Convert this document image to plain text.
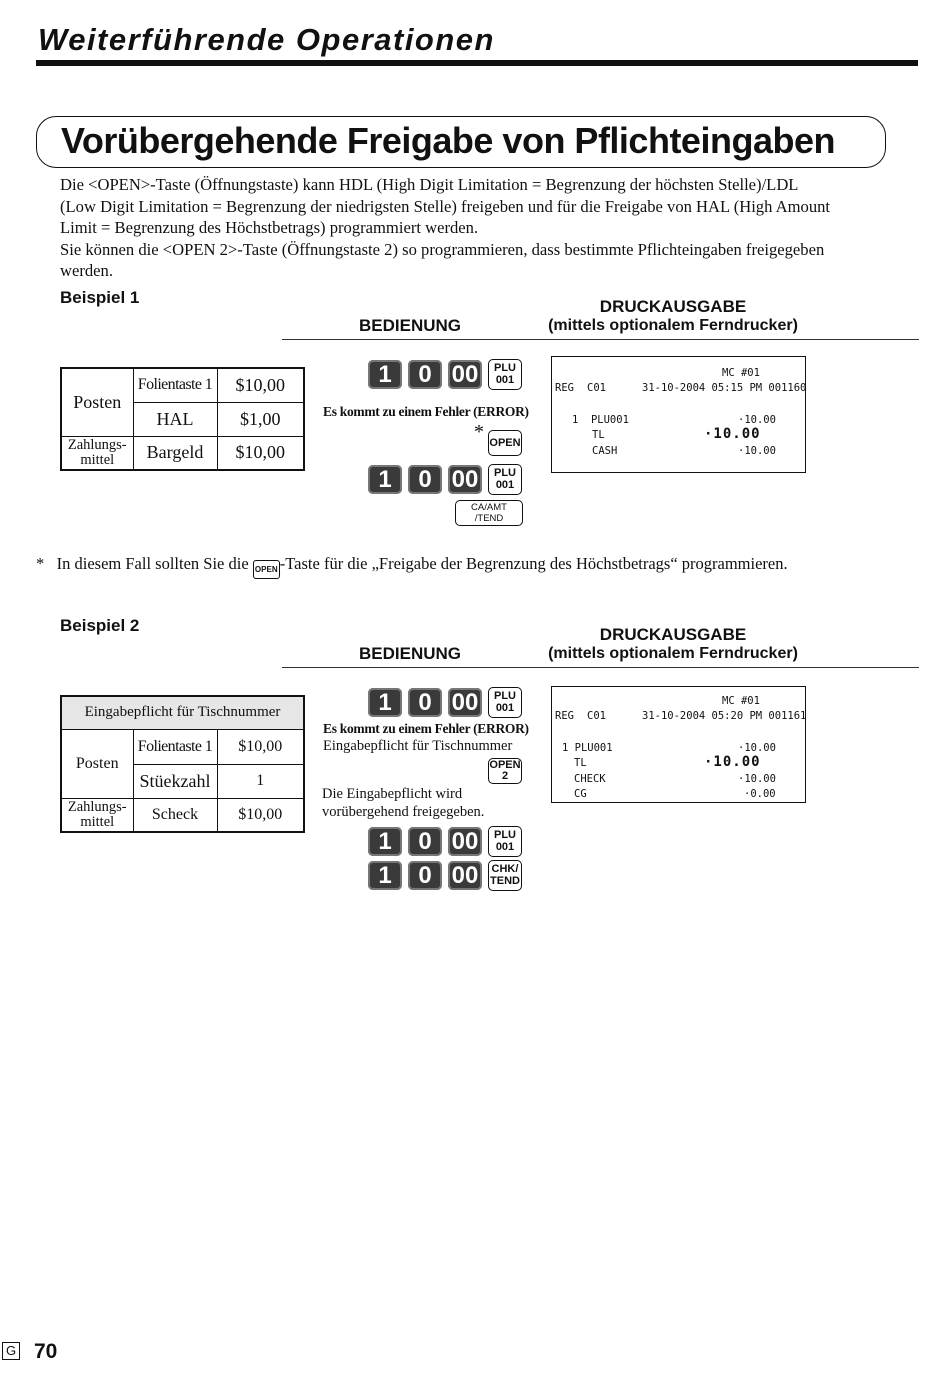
Weiterführende Operationen
Vorübergehende Freigabe von Pflichteingaben
Die <OPEN>-Taste (Öffnungstaste) kann HDL (High Digit Limitation = Begrenzung der höchsten Stelle)/LDL
(Low Digit Limitation = Begrenzung der niedrigsten Stelle) freigeben und für die Freigabe von HAL (High Amount
Limit = Begrenzung des Höchstbetrags) programmiert werden.
Sie können die <OPEN 2>-Taste (Öffnungstaste 2) so programmieren, dass bestimmte Pflichteingaben freigegeben
werden.
Beispiel 1
BEDIENUNG
DRUCKAUSGABE
(mittels optionalem Ferndrucker)
Posten	Folientaste 1	$10,00
	HAL	$1,00

Zahlungs-
mittel	Bargeld	$10,00
1	0 00	PLU
001
Es kommt zu einem Fehler (ERROR)
* OPEN
1	0 00	PLU
001
CA/AMT
/TEND
MC #01
REG C01	31-10-2004 05:15 PM 001160
1  PLU001	·10.00
TL	·10.00
CASH	·10.00
* In diesem Fall sollten Sie die OPEN -Taste für die „Freigabe der Begrenzung des Höchstbetrags“ programmieren.
Beispiel 2
BEDIENUNG
DRUCKAUSGABE
(mittels optionalem Ferndrucker)
Eingabepflicht für Tischnummer		
Posten	Folientaste 1	$10,00
	Stüekzahl	1

Zahlungs-
mittel	Scheck	$10,00
1	0 00	PLU
001
Es kommt zu einem Fehler (ERROR)
Eingabepflicht für Tischnummer
OPEN
2
Die Eingabepflicht wird
vorübergehend freigegeben.
1	0 00	PLU
001
1	0 00	CHK/
TEND
MC #01
REG C01	31-10-2004 05:20 PM 001161
1 PLU001	·10.00
TL	·10.00
CHECK	·10.00
CG	·0.00
G 70
